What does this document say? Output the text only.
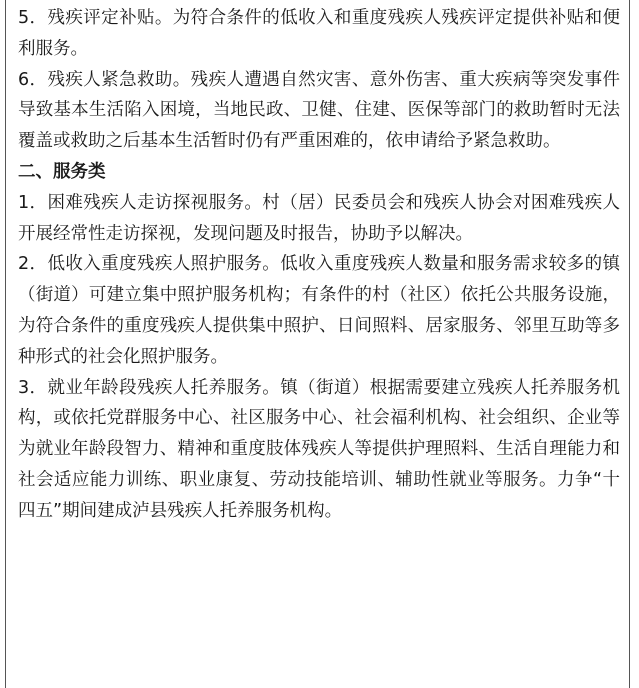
5．残疾评定补贴。为符合条件的低收入和重度残疾人残疾评定提供补贴和便利服务。

6．残疾人紧急救助。残疾人遭遇自然灾害、意外伤害、重大疾病等突发事件导致基本生活陷入困境，当地民政、卫健、住建、医保等部门的救助暂时无法覆盖或救助之后基本生活暂时仍有严重困难的，依申请给予紧急救助。

二、服务类

1．困难残疾人走访探视服务。村（居）民委员会和残疾人协会对困难残疾人开展经常性走访探视，发现问题及时报告，协助予以解决。

2．低收入重度残疾人照护服务。低收入重度残疾人数量和服务需求较多的镇（街道）可建立集中照护服务机构；有条件的村（社区）依托公共服务设施，为符合条件的重度残疾人提供集中照护、日间照料、居家服务、邻里互助等多种形式的社会化照护服务。

3．就业年龄段残疾人托养服务。镇（街道）根据需要建立残疾人托养服务机构，或依托党群服务中心、社区服务中心、社会福利机构、社会组织、企业等为就业年龄段智力、精神和重度肢体残疾人等提供护理照料、生活自理能力和社会适应能力训练、职业康复、劳动技能培训、辅助性就业等服务。力争“十四五”期间建成泸县残疾人托养服务机构。
